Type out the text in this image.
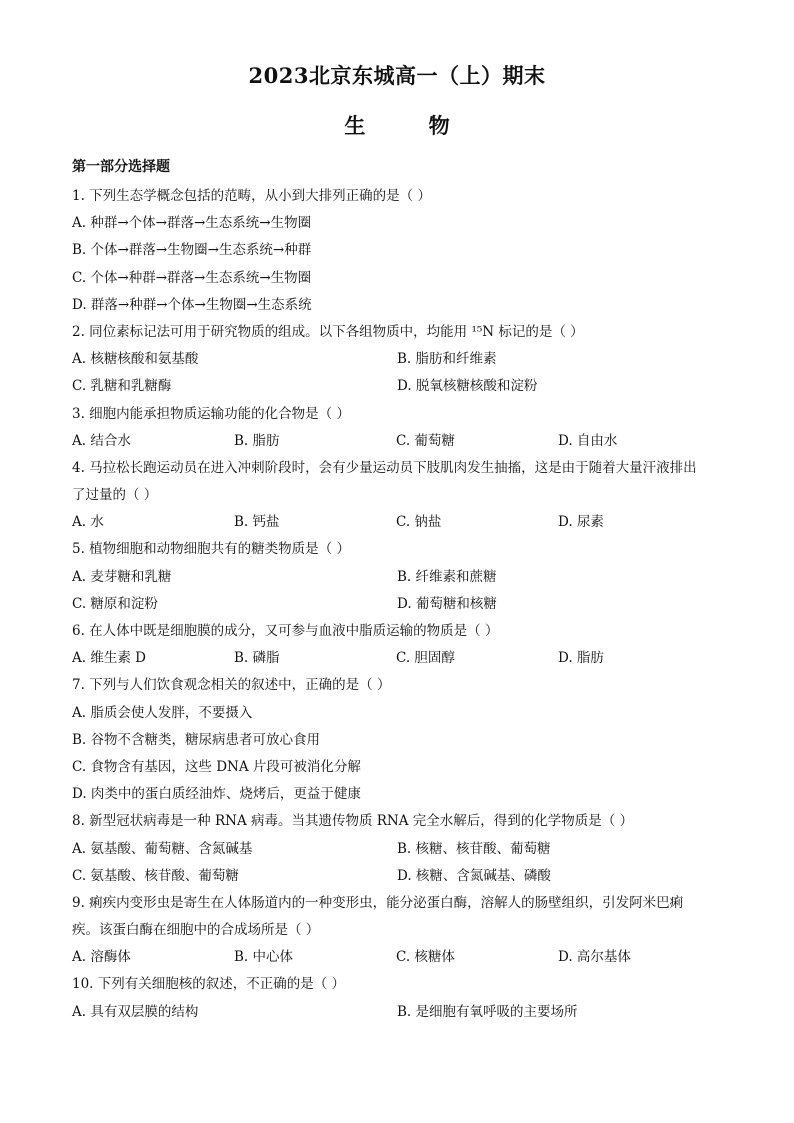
2023北京东城高一（上）期末
生 物
第一部分选择题
1. 下列生态学概念包括的范畴，从小到大排列正确的是（ ）
A. 种群→个体→群落→生态系统→生物圈
B. 个体→群落→生物圈→生态系统→种群
C. 个体→种群→群落→生态系统→生物圈
D. 群落→种群→个体→生物圈→生态系统
2. 同位素标记法可用于研究物质的组成。以下各组物质中，均能用 ¹⁵N 标记的是（ ）
A. 核糖核酸和氨基酸	B. 脂肪和纤维素
C. 乳糖和乳糖酶	D. 脱氧核糖核酸和淀粉
3. 细胞内能承担物质运输功能的化合物是（ ）
A. 结合水	B. 脂肪	C. 葡萄糖	D. 自由水
4. 马拉松长跑运动员在进入冲刺阶段时，会有少量运动员下肢肌肉发生抽搐，这是由于随着大量汗液排出
了过量的（ ）
A. 水	B. 钙盐	C. 钠盐	D. 尿素
5. 植物细胞和动物细胞共有的糖类物质是（ ）
A. 麦芽糖和乳糖	B. 纤维素和蔗糖
C. 糖原和淀粉	D. 葡萄糖和核糖
6. 在人体中既是细胞膜的成分，又可参与血液中脂质运输的物质是（ ）
A. 维生素 D	B. 磷脂	C. 胆固醇	D. 脂肪
7. 下列与人们饮食观念相关的叙述中，正确的是（ ）
A. 脂质会使人发胖，不要摄入
B. 谷物不含糖类，糖尿病患者可放心食用
C. 食物含有基因，这些 DNA 片段可被消化分解
D. 肉类中的蛋白质经油炸、烧烤后，更益于健康
8. 新型冠状病毒是一种 RNA 病毒。当其遗传物质 RNA 完全水解后，得到的化学物质是（ ）
A. 氨基酸、葡萄糖、含氮碱基	B. 核糖、核苷酸、葡萄糖
C. 氨基酸、核苷酸、葡萄糖	D. 核糖、含氮碱基、磷酸
9. 痢疾内变形虫是寄生在人体肠道内的一种变形虫，能分泌蛋白酶，溶解人的肠壁组织，引发阿米巴痢
疾。该蛋白酶在细胞中的合成场所是（ ）
A. 溶酶体	B. 中心体	C. 核糖体	D. 高尔基体
10. 下列有关细胞核的叙述，不正确的是（ ）
A. 具有双层膜的结构	B. 是细胞有氧呼吸的主要场所
